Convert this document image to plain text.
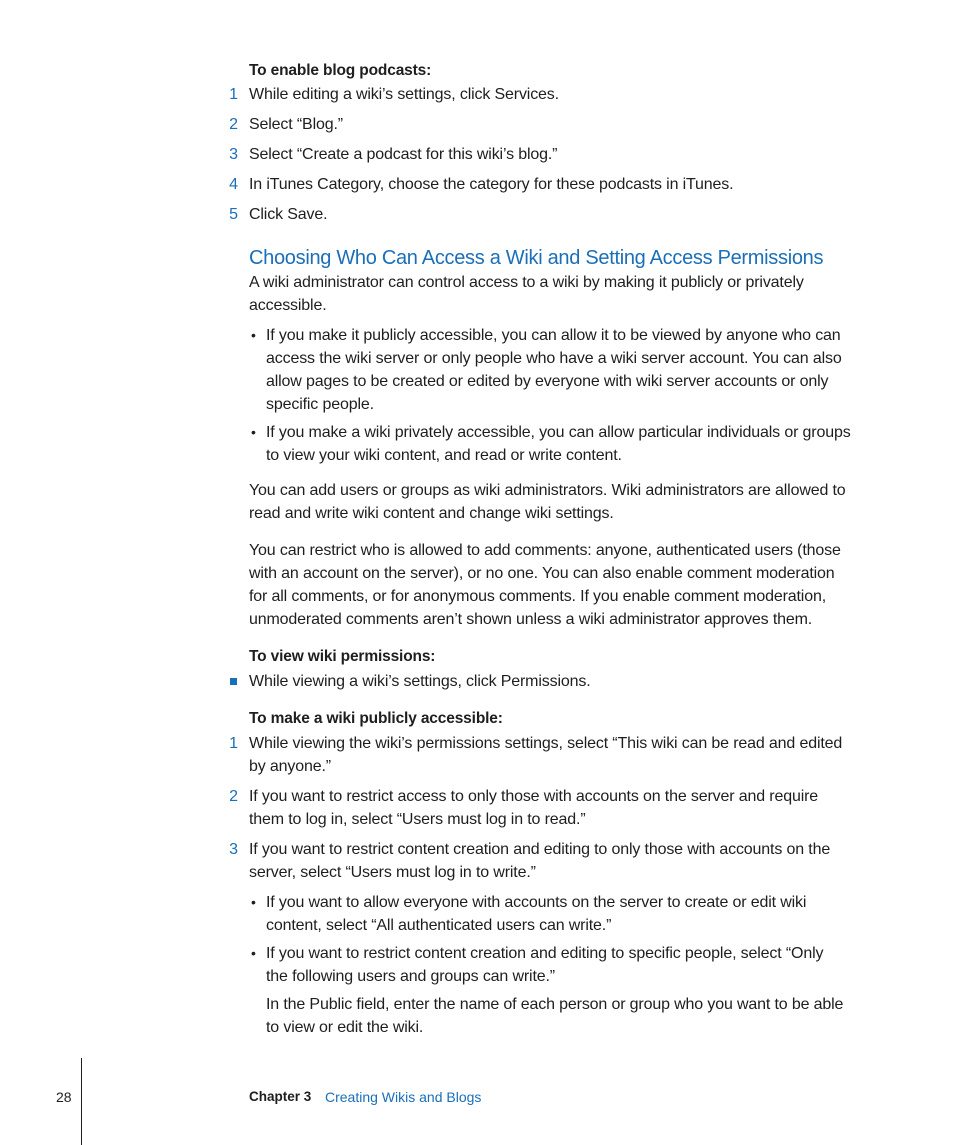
To enable blog podcasts:
1 While editing a wiki’s settings, click Services.
2 Select “Blog.”
3 Select “Create a podcast for this wiki’s blog.”
4 In iTunes Category, choose the category for these podcasts in iTunes.
5 Click Save.
Choosing Who Can Access a Wiki and Setting Access Permissions
A wiki administrator can control access to a wiki by making it publicly or privately
accessible.
• If you make it publicly accessible, you can allow it to be viewed by anyone who can
access the wiki server or only people who have a wiki server account. You can also
allow pages to be created or edited by everyone with wiki server accounts or only
specific people.
• If you make a wiki privately accessible, you can allow particular individuals or groups
to view your wiki content, and read or write content.
You can add users or groups as wiki administrators. Wiki administrators are allowed to
read and write wiki content and change wiki settings.
You can restrict who is allowed to add comments: anyone, authenticated users (those
with an account on the server), or no one. You can also enable comment moderation
for all comments, or for anonymous comments. If you enable comment moderation,
unmoderated comments aren’t shown unless a wiki administrator approves them.
To view wiki permissions:
While viewing a wiki’s settings, click Permissions.
To make a wiki publicly accessible:
1 While viewing the wiki’s permissions settings, select “This wiki can be read and edited
by anyone.”
2 If you want to restrict access to only those with accounts on the server and require
them to log in, select “Users must log in to read.”
3 If you want to restrict content creation and editing to only those with accounts on the
server, select “Users must log in to write.”
• If you want to allow everyone with accounts on the server to create or edit wiki
content, select “All authenticated users can write.”
• If you want to restrict content creation and editing to specific people, select “Only
the following users and groups can write.”
In the Public field, enter the name of each person or group who you want to be able
to view or edit the wiki.
28	Chapter 3 Creating Wikis and Blogs
